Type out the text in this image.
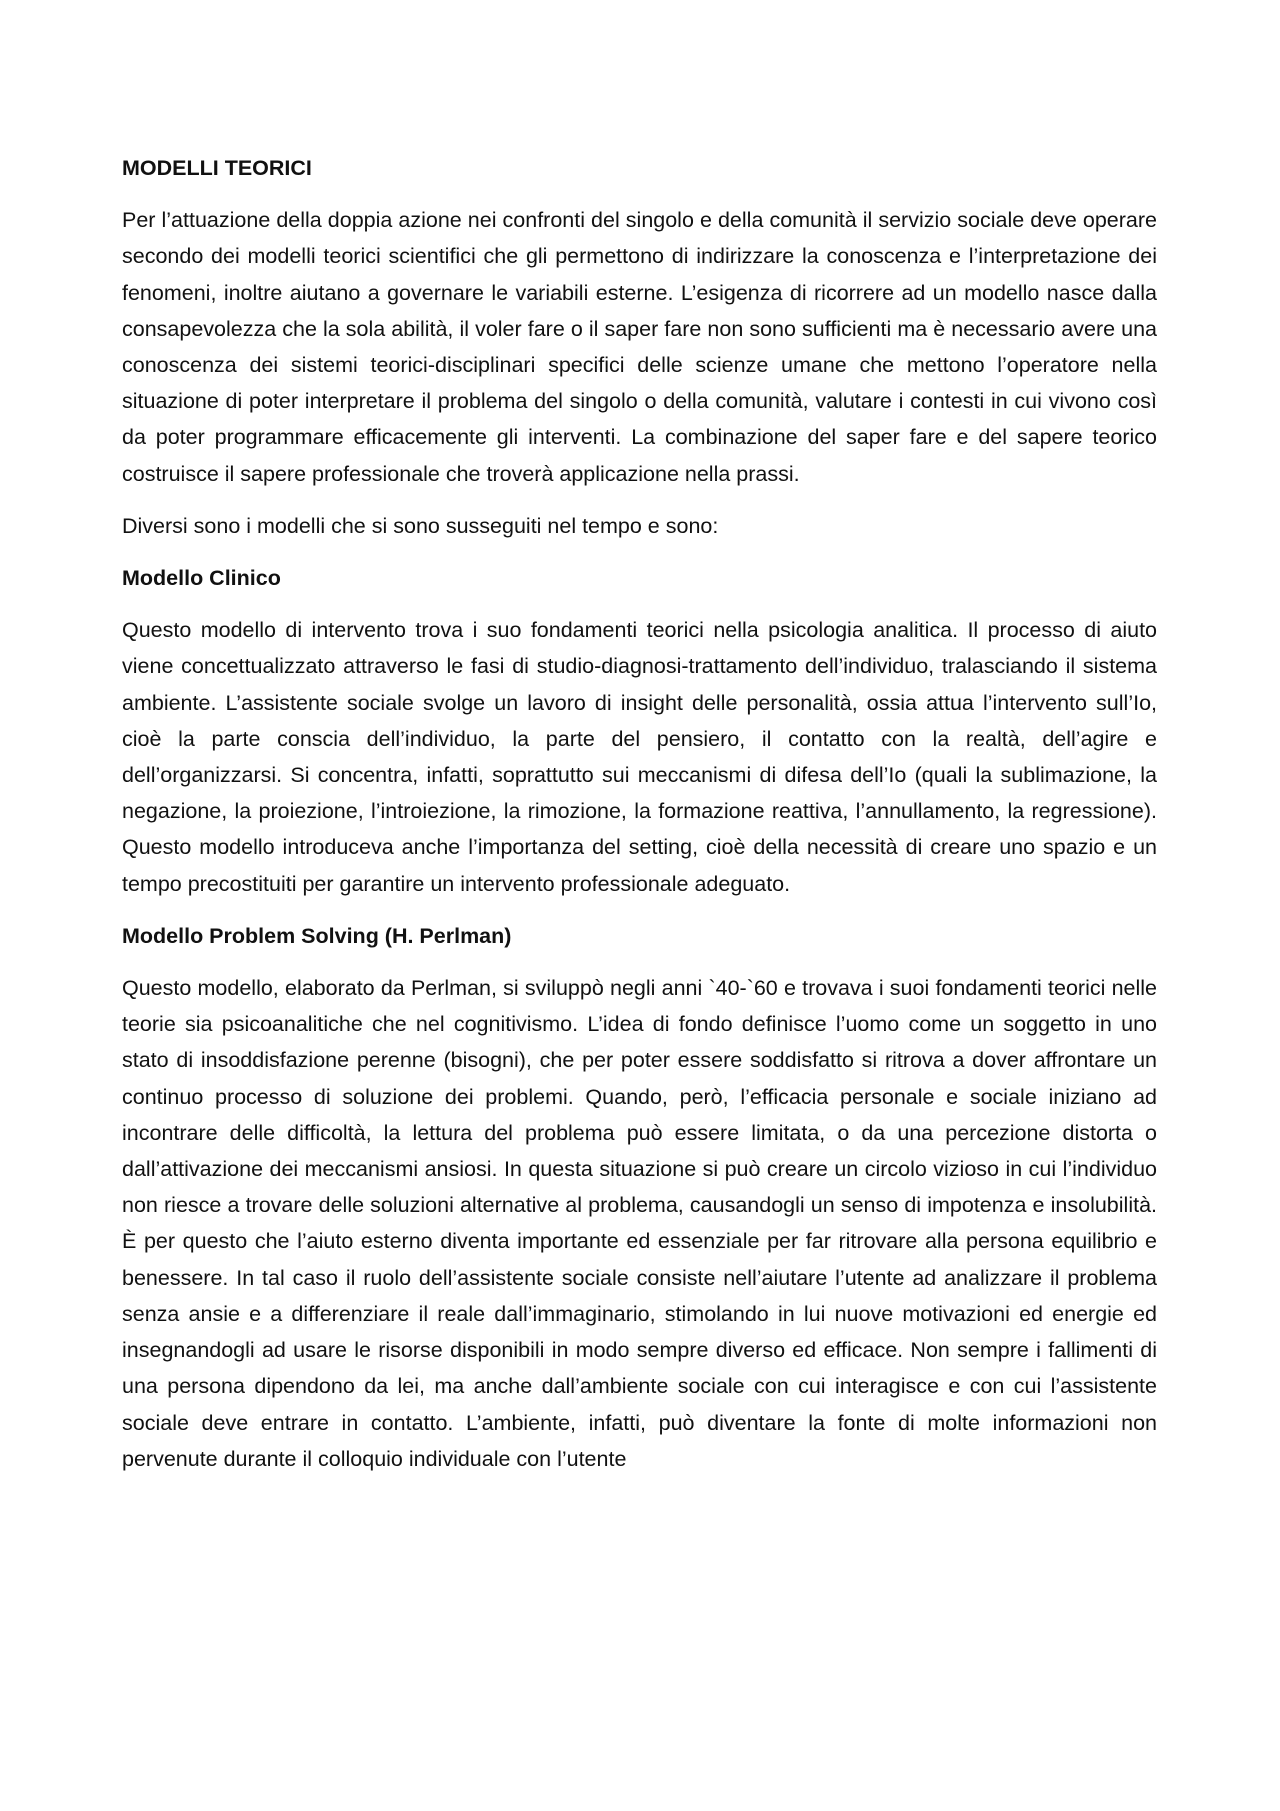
MODELLI TEORICI

Per l’attuazione della doppia azione nei confronti del singolo e della comunità il servizio sociale deve operare secondo dei modelli teorici scientifici che gli permettono di indirizzare la conoscenza e l’interpretazione dei fenomeni, inoltre aiutano a governare le variabili esterne. L’esigenza di ricorrere ad un modello nasce dalla consapevolezza che la sola abilità, il voler fare o il saper fare non sono sufficienti ma è necessario avere una conoscenza dei sistemi teorici-disciplinari specifici delle scienze umane che mettono l’operatore nella situazione di poter interpretare il problema del singolo o della comunità, valutare i contesti in cui vivono così da poter programmare efficacemente gli interventi. La combinazione del saper fare e del sapere teorico costruisce il sapere professionale che troverà applicazione nella prassi.

Diversi sono i modelli che si sono susseguiti nel tempo e sono:

Modello Clinico

Questo modello di intervento trova i suo fondamenti teorici nella psicologia analitica. Il processo di aiuto viene concettualizzato attraverso le fasi di studio-diagnosi-trattamento dell’individuo, tralasciando il sistema ambiente. L’assistente sociale svolge un lavoro di insight delle personalità, ossia attua l’intervento sull’Io, cioè la parte conscia dell’individuo, la parte del pensiero, il contatto con la realtà, dell’agire e dell’organizzarsi. Si concentra, infatti, soprattutto sui meccanismi di difesa dell’Io (quali la sublimazione, la negazione, la proiezione, l’introiezione, la rimozione, la formazione reattiva, l’annullamento, la regressione). Questo modello introduceva anche l’importanza del setting, cioè della necessità di creare uno spazio e un tempo precostituiti per garantire un intervento professionale adeguato.

Modello Problem Solving (H. Perlman)

Questo modello, elaborato da Perlman, si sviluppò negli anni `40-`60 e trovava i suoi fondamenti teorici nelle teorie sia psicoanalitiche che nel cognitivismo. L’idea di fondo definisce l’uomo come un soggetto in uno stato di insoddisfazione perenne (bisogni), che per poter essere soddisfatto si ritrova a dover affrontare un continuo processo di soluzione dei problemi. Quando, però, l’efficacia personale e sociale iniziano ad incontrare delle difficoltà, la lettura del problema può essere limitata, o da una percezione distorta o dall’attivazione dei meccanismi ansiosi. In questa situazione si può creare un circolo vizioso in cui l’individuo non riesce a trovare delle soluzioni alternative al problema, causandogli un senso di impotenza e insolubilità. È per questo che l’aiuto esterno diventa importante ed essenziale per far ritrovare alla persona equilibrio e benessere. In tal caso il ruolo dell’assistente sociale consiste nell’aiutare l’utente ad analizzare il problema senza ansie e a differenziare il reale dall’immaginario, stimolando in lui nuove motivazioni ed energie ed insegnandogli ad usare le risorse disponibili in modo sempre diverso ed efficace. Non sempre i fallimenti di una persona dipendono da lei, ma anche dall’ambiente sociale con cui interagisce e con cui l’assistente sociale deve entrare in contatto. L’ambiente, infatti, può diventare la fonte di molte informazioni non pervenute durante il colloquio individuale con l’utente
